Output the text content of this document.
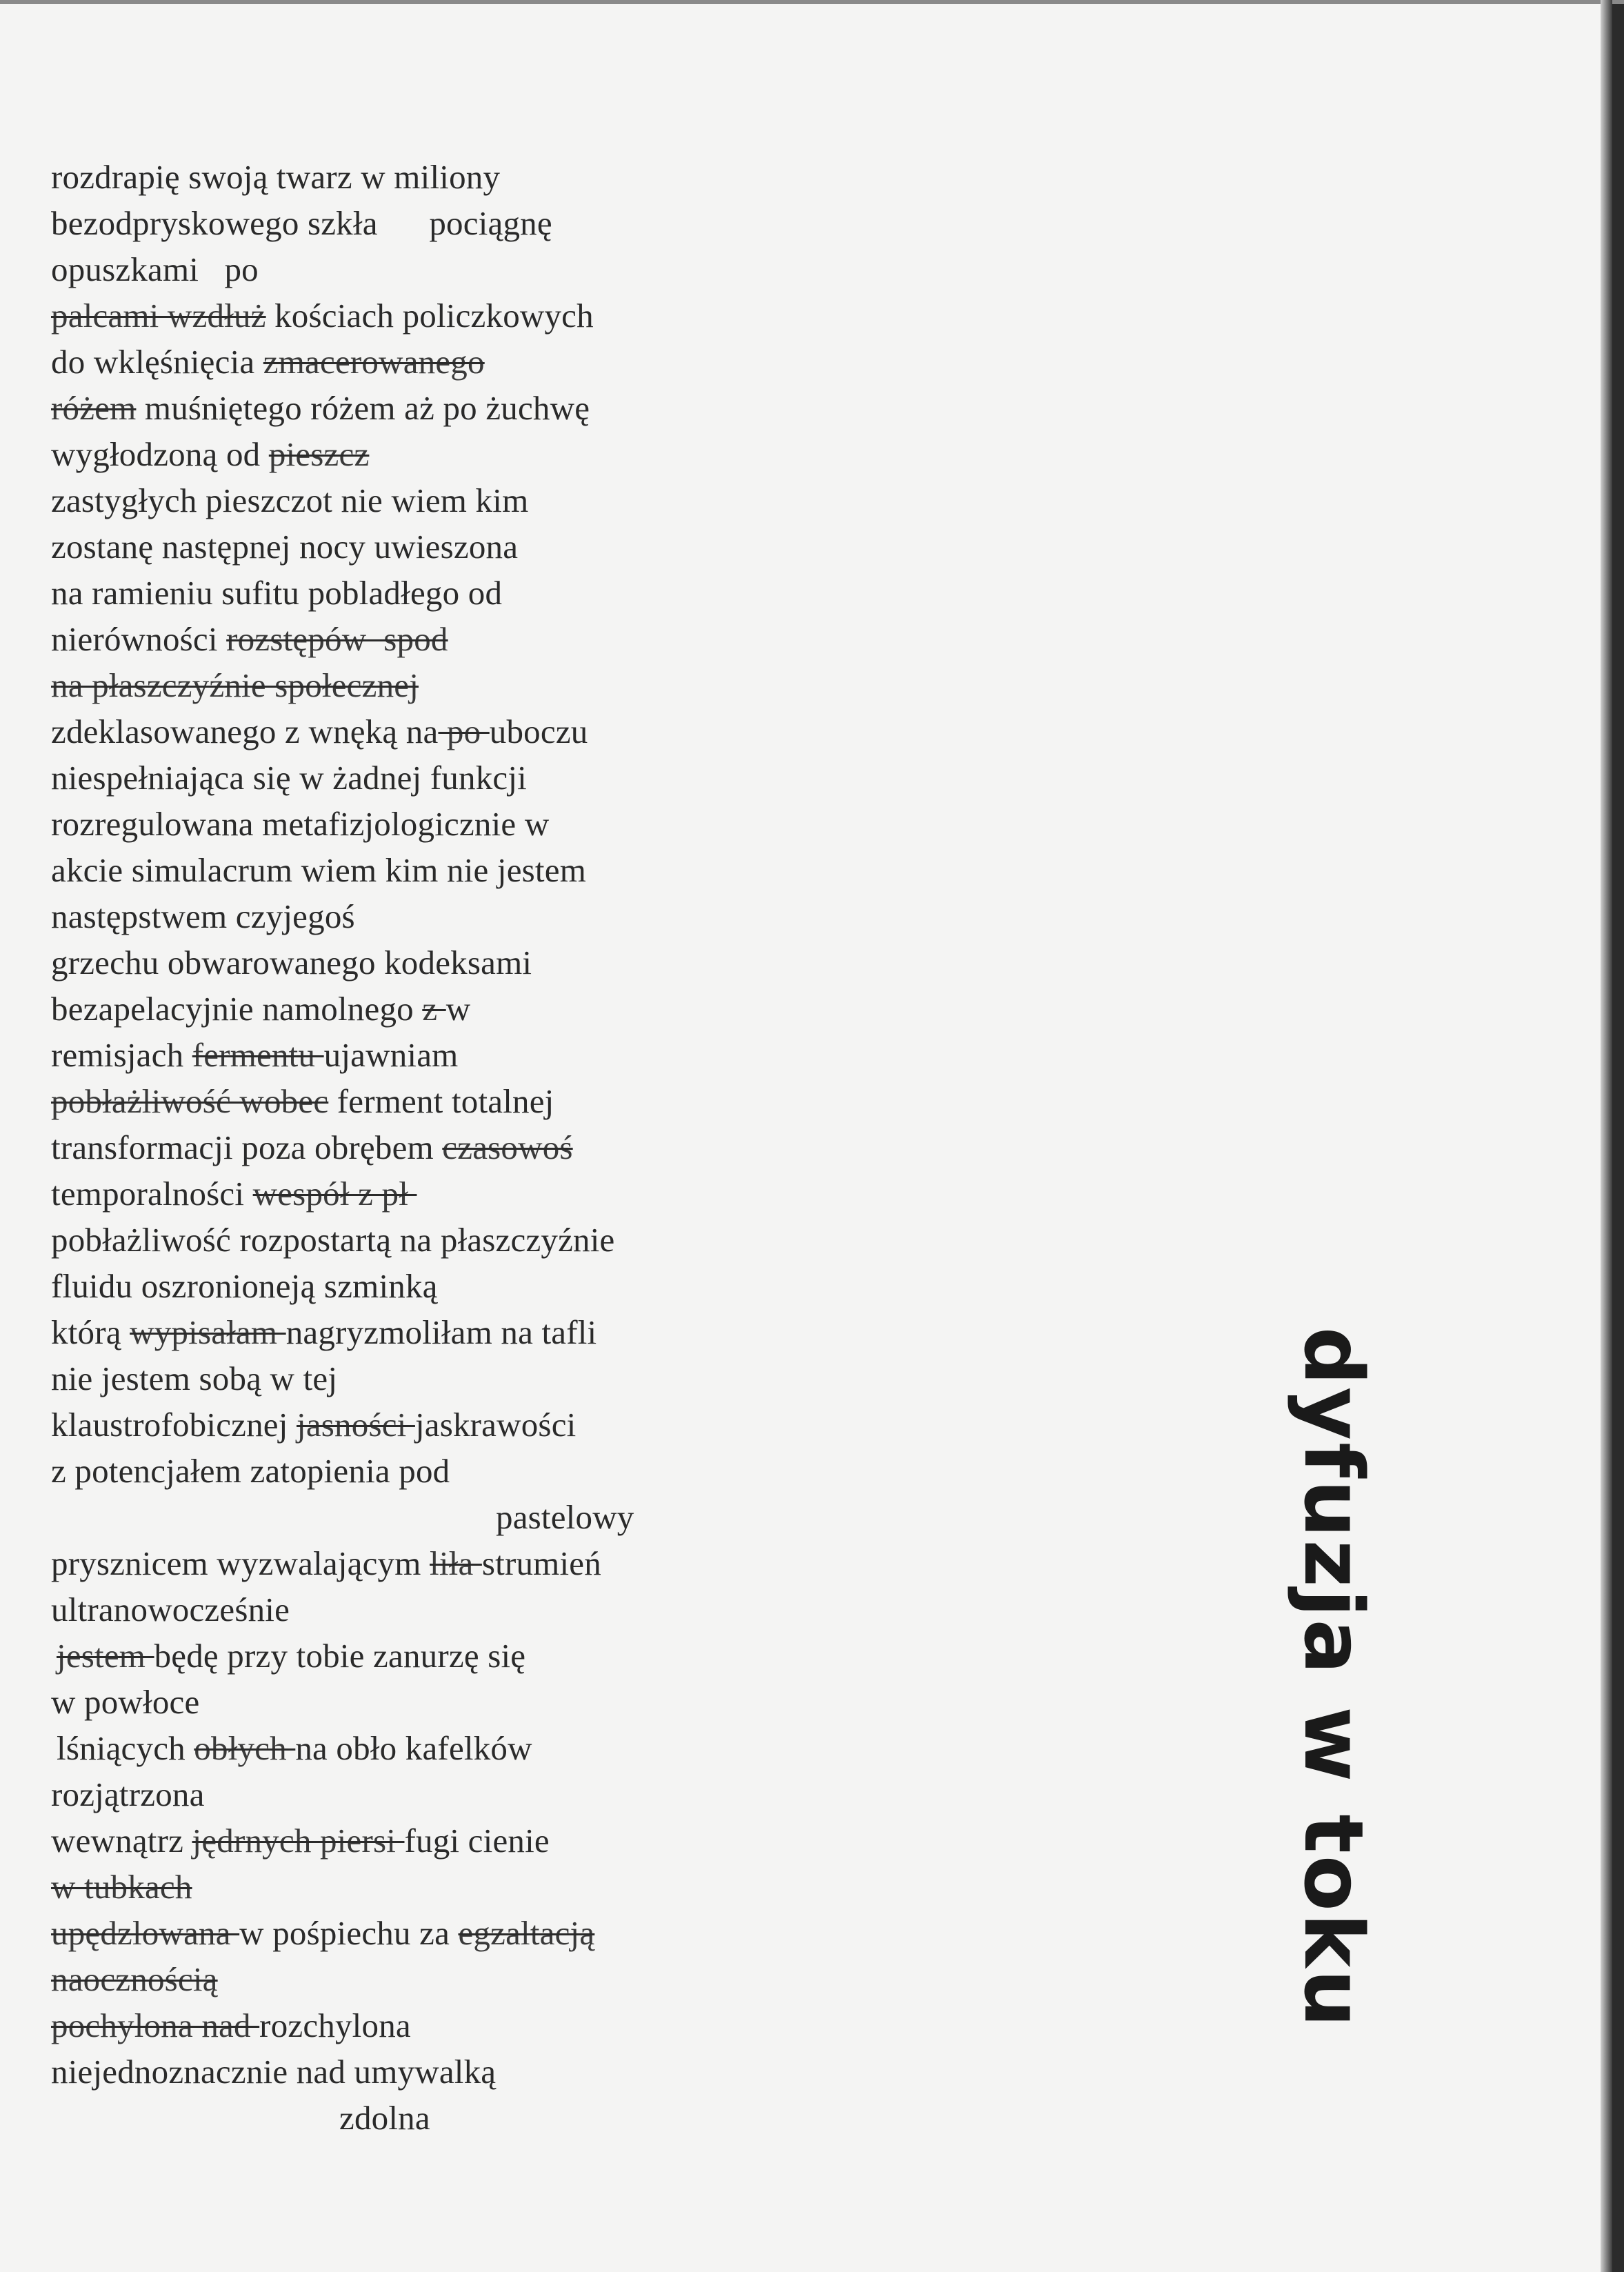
rozdrapię swoją twarz w miliony
bezodpryskowego szkła      pociągnę
opuszkami   po
palcami wzdłuż kościach policzkowych
do wklęśnięcia zmacerowanego
różem muśniętego różem aż po żuchwę
wygłodzoną od pieszcz
zastygłych pieszczot nie wiem kim
zostanę następnej nocy uwieszona
na ramieniu sufitu pobladłego od
nierówności rozstępów  spod
na płaszczyźnie społecznej
zdeklasowanego z wnęką na po uboczu
niespełniająca się w żadnej funkcji
rozregulowana metafizjologicznie w
akcie simulacrum wiem kim nie jestem
następstwem czyjegoś
grzechu obwarowanego kodeksami
bezapelacyjnie namolnego z w
remisjach fermentu ujawniam
pobłażliwość wobec ferment totalnej
transformacji poza obrębem czasowoś
temporalności wespół z pł
pobłażliwość rozpostartą na płaszczyźnie
fluidu oszronioneją szminką
którą wypisałam nagryzmoliłam na tafli
nie jestem sobą w tej
klaustrofobicznej jasności jaskrawości
z potencjałem zatopienia pod
pastelowy
prysznicem wyzwalającym liła strumień
ultranowocześnie
jestem będę przy tobie zanurzę się
w powłoce
lśniących obłych na obło kafelków
rozjątrzona
wewnątrz jędrnych piersi fugi cienie
w tubkach
upędzlowana w pośpiechu za egzaltacją
naocznością
pochylona nad rozchylona
niejednoznacznie nad umywalką
zdolna
dyfuzja w toku
